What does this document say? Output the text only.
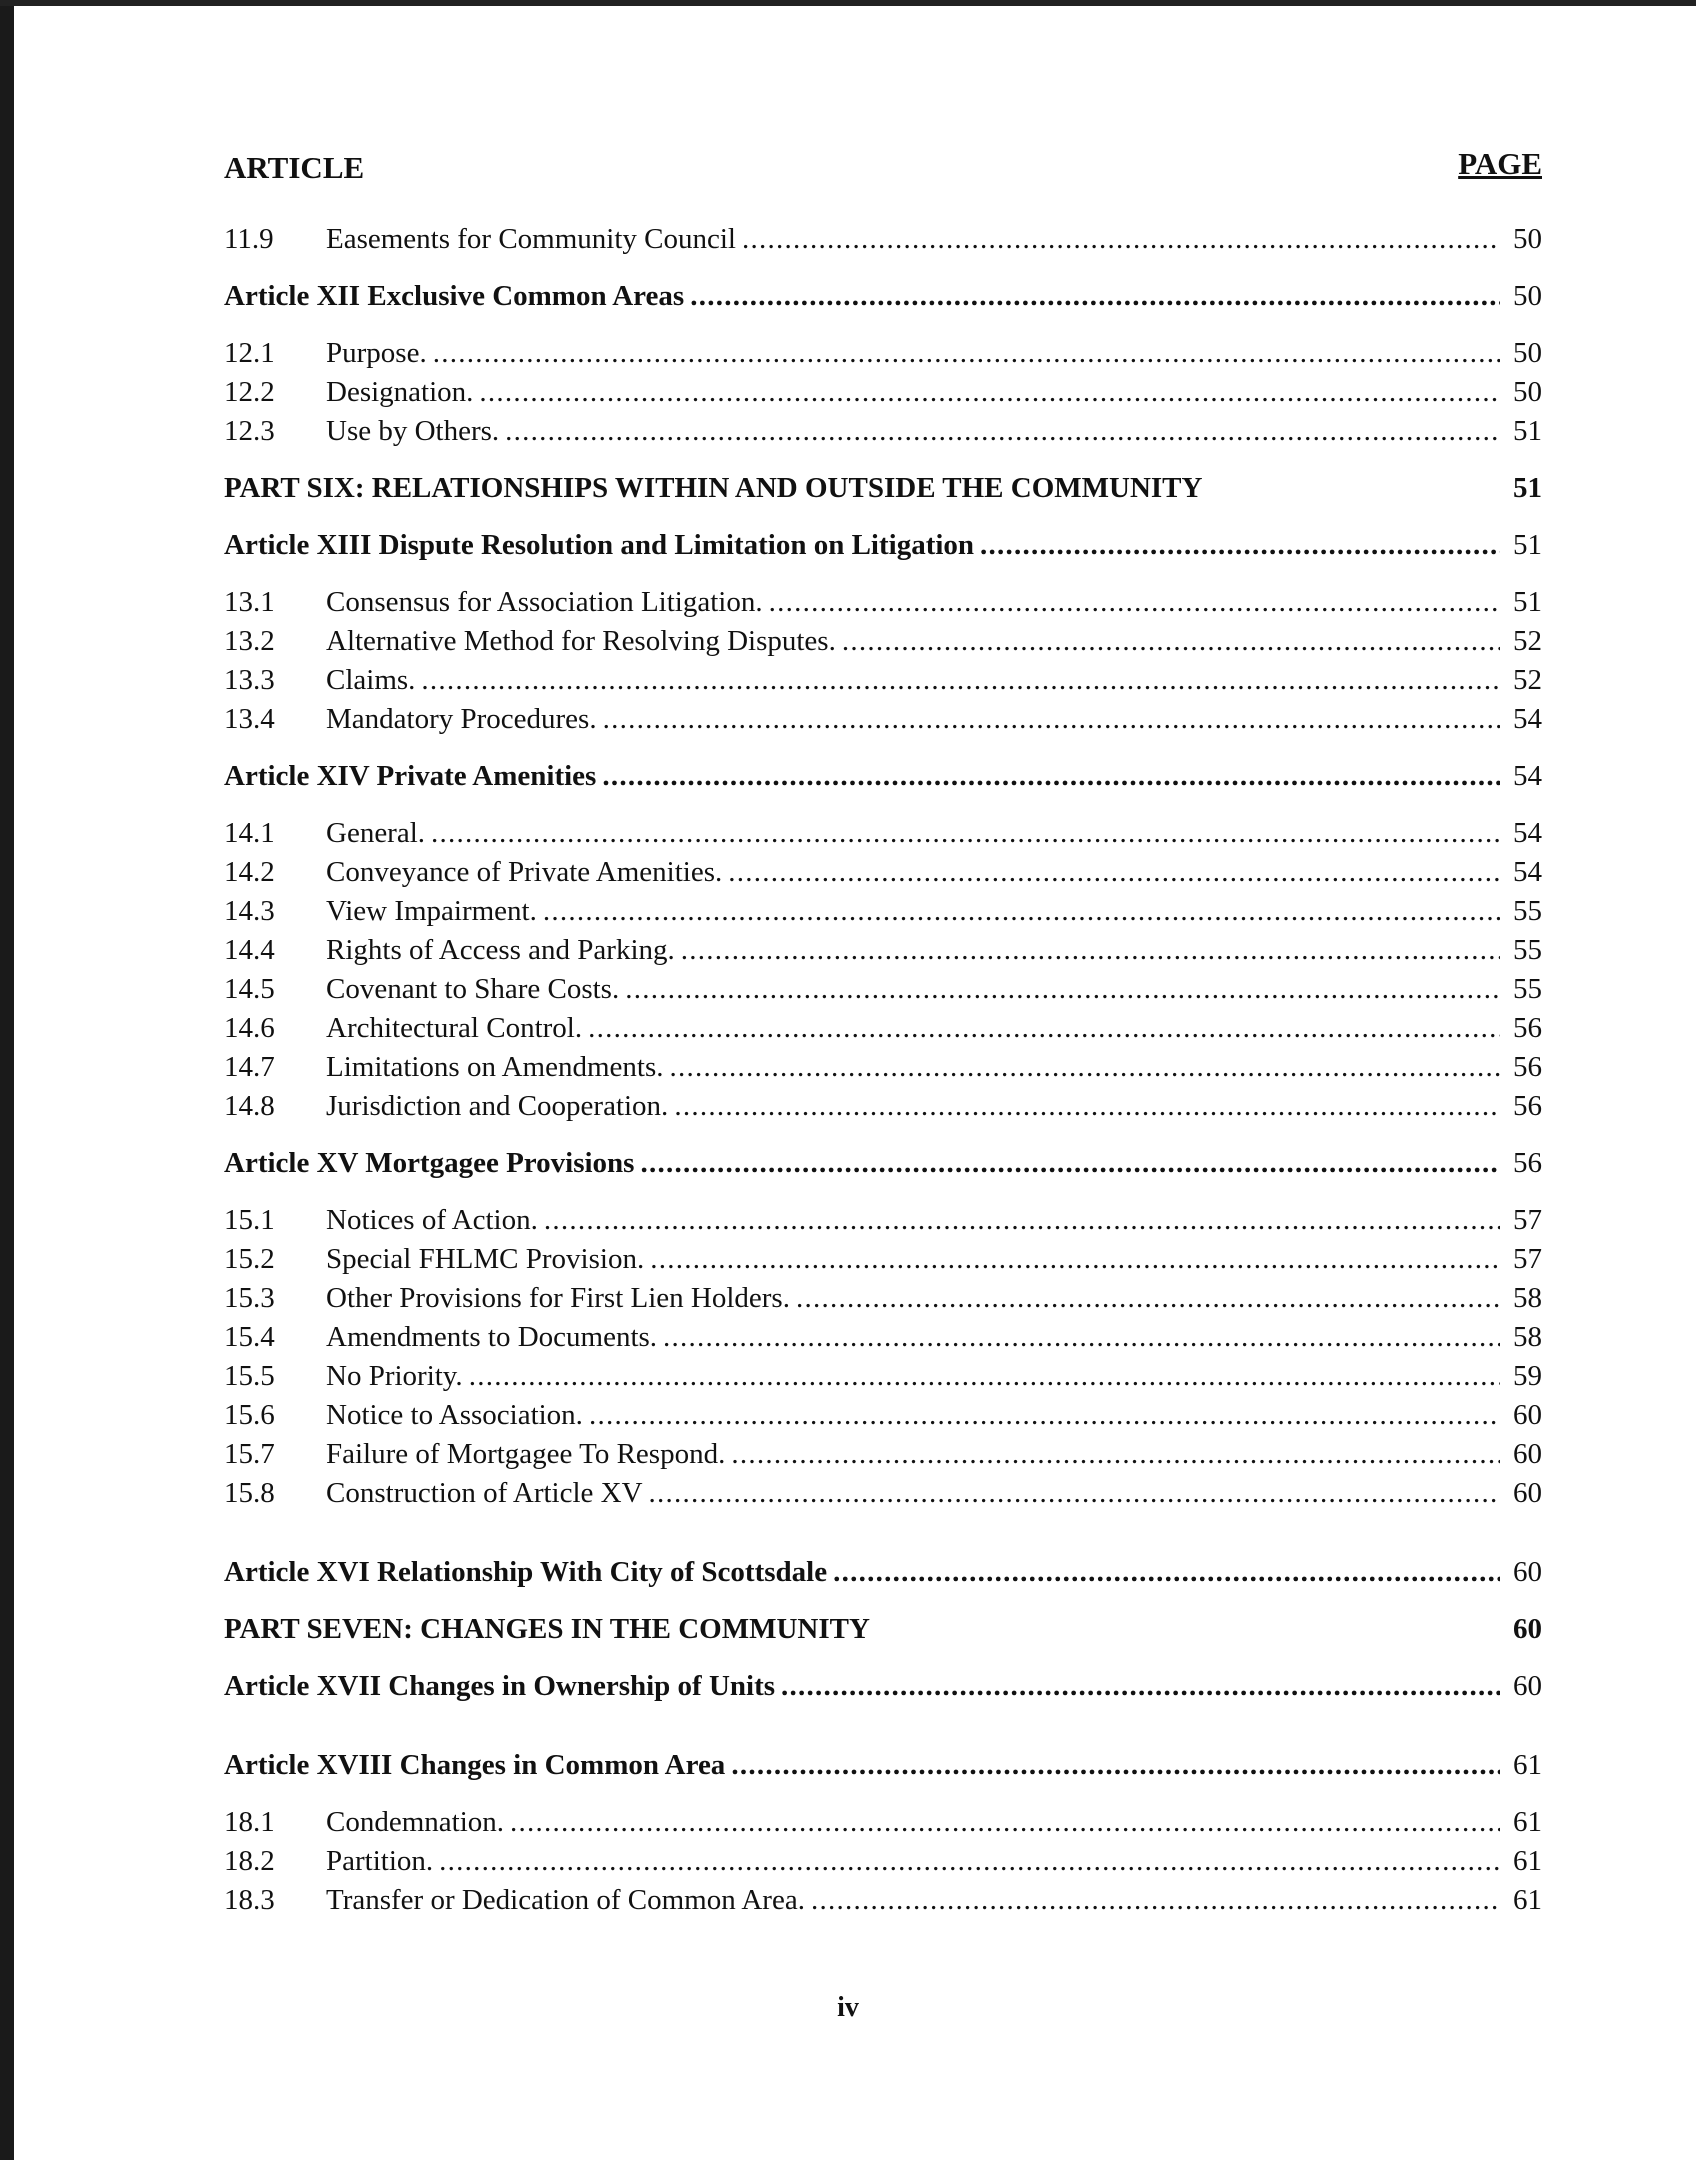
ARTICLE	PAGE
11.9	Easements for Community Council . . .	50
Article XII Exclusive Common Areas . . .	50
12.1	Purpose. . . .	50
12.2	Designation. . . .	50
12.3	Use by Others. . . .	51
PART SIX: RELATIONSHIPS WITHIN AND OUTSIDE THE COMMUNITY	51
Article XIII Dispute Resolution and Limitation on Litigation . . .	51
13.1	Consensus for Association Litigation. . . .	51
13.2	Alternative Method for Resolving Disputes. . . .	52
13.3	Claims. . . .	52
13.4	Mandatory Procedures. . . .	54
Article XIV Private Amenities . . .	54
14.1	General. . . .	54
14.2	Conveyance of Private Amenities. . . .	54
14.3	View Impairment. . . .	55
14.4	Rights of Access and Parking. . . .	55
14.5	Covenant to Share Costs. . . .	55
14.6	Architectural Control. . . .	56
14.7	Limitations on Amendments. . . .	56
14.8	Jurisdiction and Cooperation. . . .	56
Article XV Mortgagee Provisions . . .	56
15.1	Notices of Action. . . .	57
15.2	Special FHLMC Provision. . . .	57
15.3	Other Provisions for First Lien Holders. . . .	58
15.4	Amendments to Documents. . . .	58
15.5	No Priority. . . .	59
15.6	Notice to Association. . . .	60
15.7	Failure of Mortgagee To Respond. . . .	60
15.8	Construction of Article XV . . .	60
Article XVI Relationship With City of Scottsdale . . .	60
PART SEVEN: CHANGES IN THE COMMUNITY	60
Article XVII Changes in Ownership of Units . . .	60
Article XVIII Changes in Common Area . . .	61
18.1	Condemnation. . . .	61
18.2	Partition. . . .	61
18.3	Transfer or Dedication of Common Area. . . .	61
iv
